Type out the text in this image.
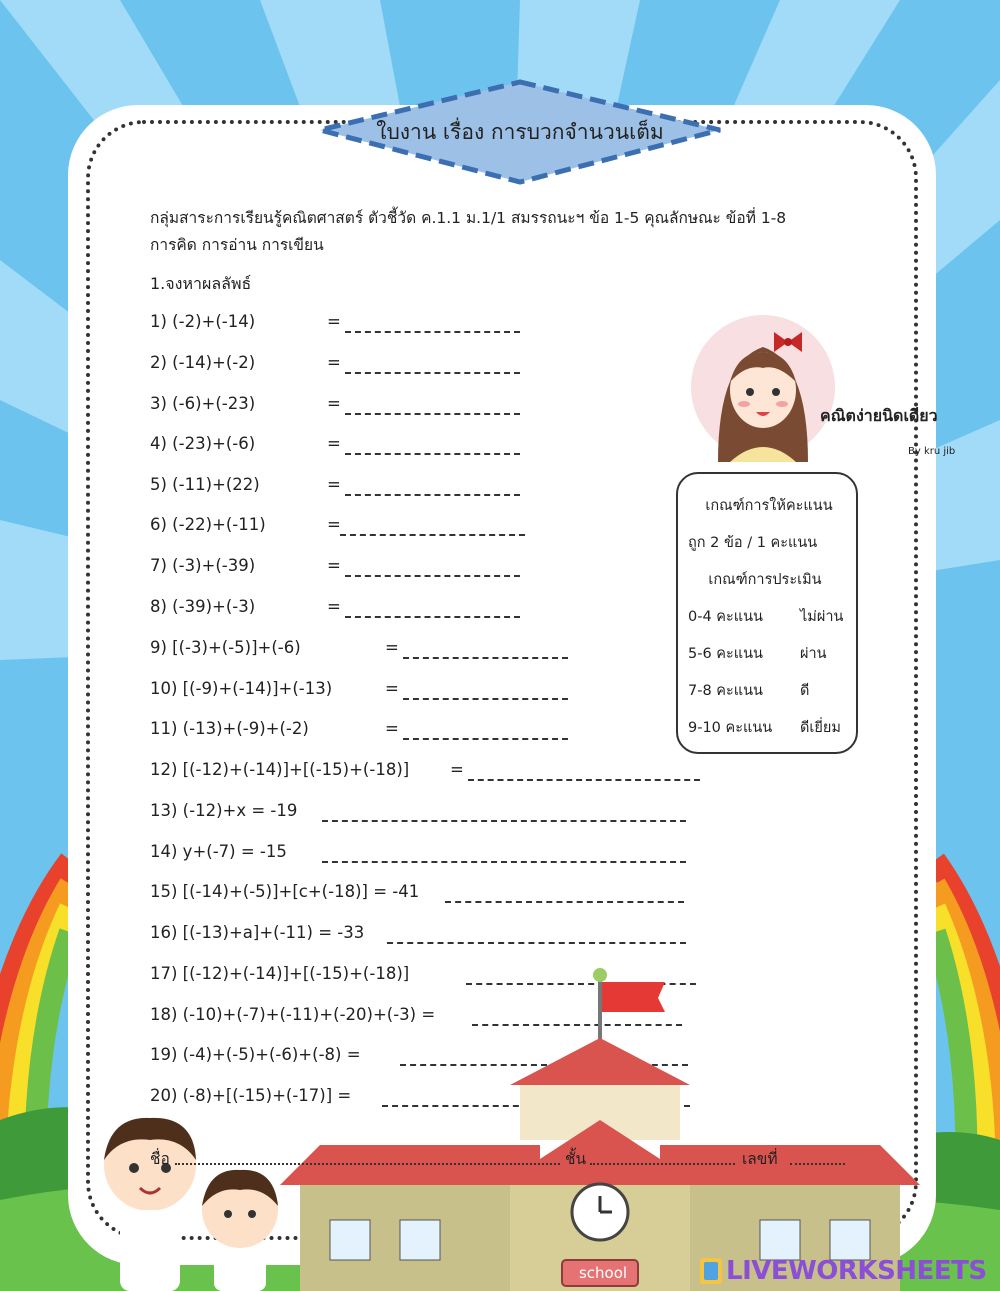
ใบงาน เรื่อง การบวกจำนวนเต็ม
กลุ่มสาระการเรียนรู้คณิตศาสตร์ ตัวชี้วัด ค.1.1 ม.1/1 สมรรถนะฯ ข้อ 1-5 คุณลักษณะ ข้อที่ 1-8
การคิด การอ่าน การเขียน
1.จงหาผลลัพธ์
1) (-2)+(-14)	=
2) (-14)+(-2)	=
3) (-6)+(-23)	=
4) (-23)+(-6)	=
5) (-11)+(22)	=
6) (-22)+(-11)	=
7) (-3)+(-39)	=
8) (-39)+(-3)	=
9) [(-3)+(-5)]+(-6)	=
10) [(-9)+(-14)]+(-13)	=
11) (-13)+(-9)+(-2)	=
12) [(-12)+(-14)]+[(-15)+(-18)] =
13) (-12)+x = -19
14) y+(-7) = -15
15) [(-14)+(-5)]+[c+(-18)] = -41
16) [(-13)+a]+(-11) = -33
17) [(-12)+(-14)]+[(-15)+(-18)]
18) (-10)+(-7)+(-11)+(-20)+(-3) =
19) (-4)+(-5)+(-6)+(-8) =
20) (-8)+[(-15)+(-17)] =
คณิตง่ายนิดเดียว
By kru jib
เกณฑ์การให้คะแนน
ถูก 2 ข้อ / 1 คะแนน
เกณฑ์การประเมิน
0-4 คะแนน	ไม่ผ่าน
5-6 คะแนน	ผ่าน
7-8 คะแนน	ดี
9-10 คะแนน	ดีเยี่ยม
school
ชื่อ	ชั้น	เลขที่
LIVEWORKSHEETS
